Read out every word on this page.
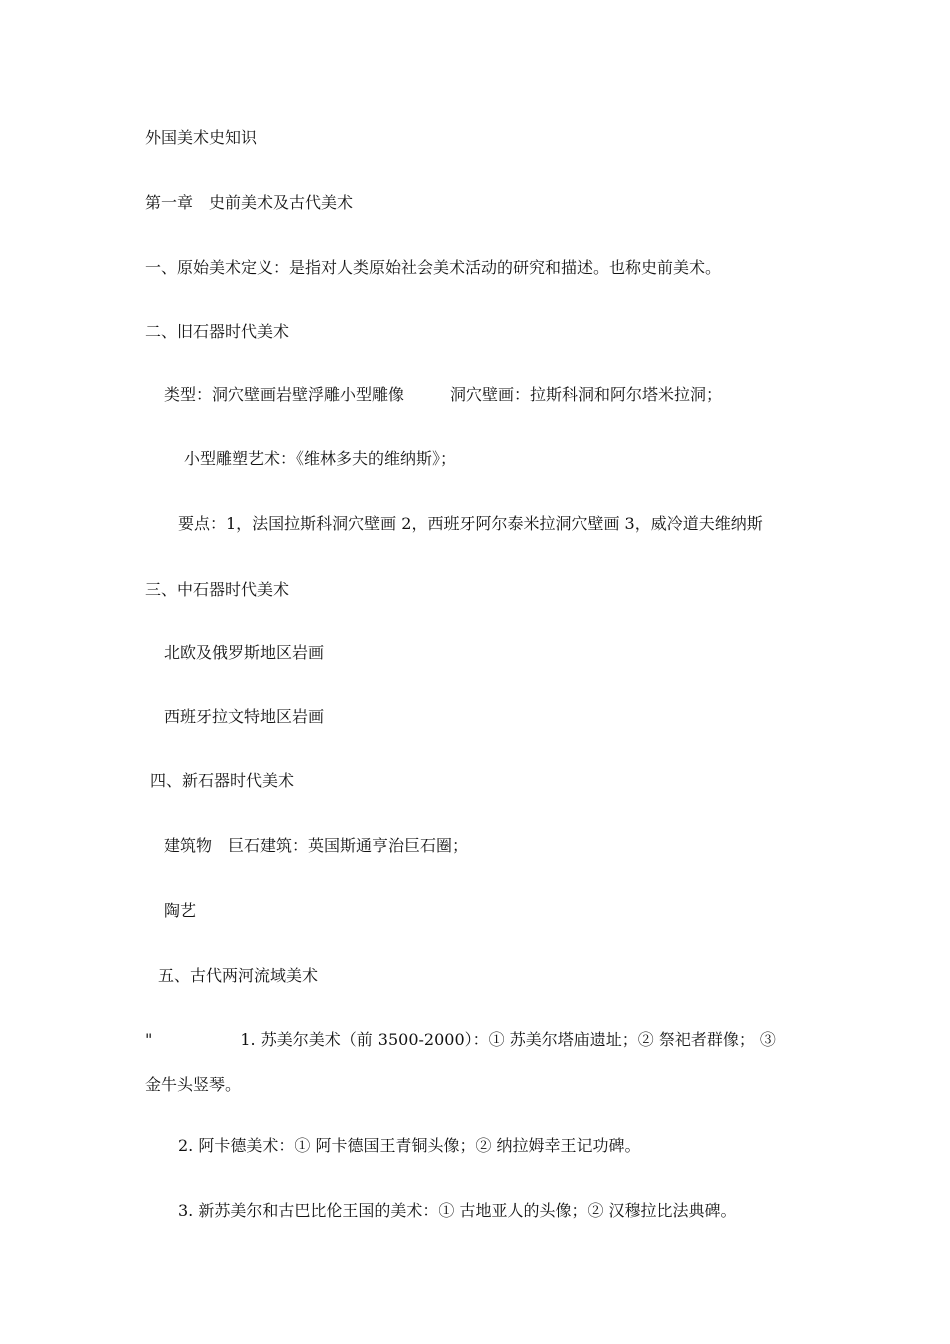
外国美术史知识

第一章　史前美术及古代美术

一、原始美术定义：是指对人类原始社会美术活动的研究和描述。也称史前美术。

二、旧石器时代美术

类型：洞穴壁画岩壁浮雕小型雕像	洞穴壁画：拉斯科洞和阿尔塔米拉洞；

小型雕塑艺术：《维林多夫的维纳斯》；

要点：1，法国拉斯科洞穴壁画 2，西班牙阿尔泰米拉洞穴壁画 3，威冷道夫维纳斯

三、中石器时代美术

北欧及俄罗斯地区岩画

西班牙拉文特地区岩画

四、新石器时代美术

建筑物　巨石建筑：英国斯通亨治巨石圈；

陶艺

五、古代两河流域美术

"	1. 苏美尔美术（前 3500-2000）：① 苏美尔塔庙遗址；② 祭祀者群像； ③

金牛头竖琴。

2. 阿卡德美术：① 阿卡德国王青铜头像；② 纳拉姆幸王记功碑。

3. 新苏美尔和古巴比伦王国的美术：① 古地亚人的头像；② 汉穆拉比法典碑。
